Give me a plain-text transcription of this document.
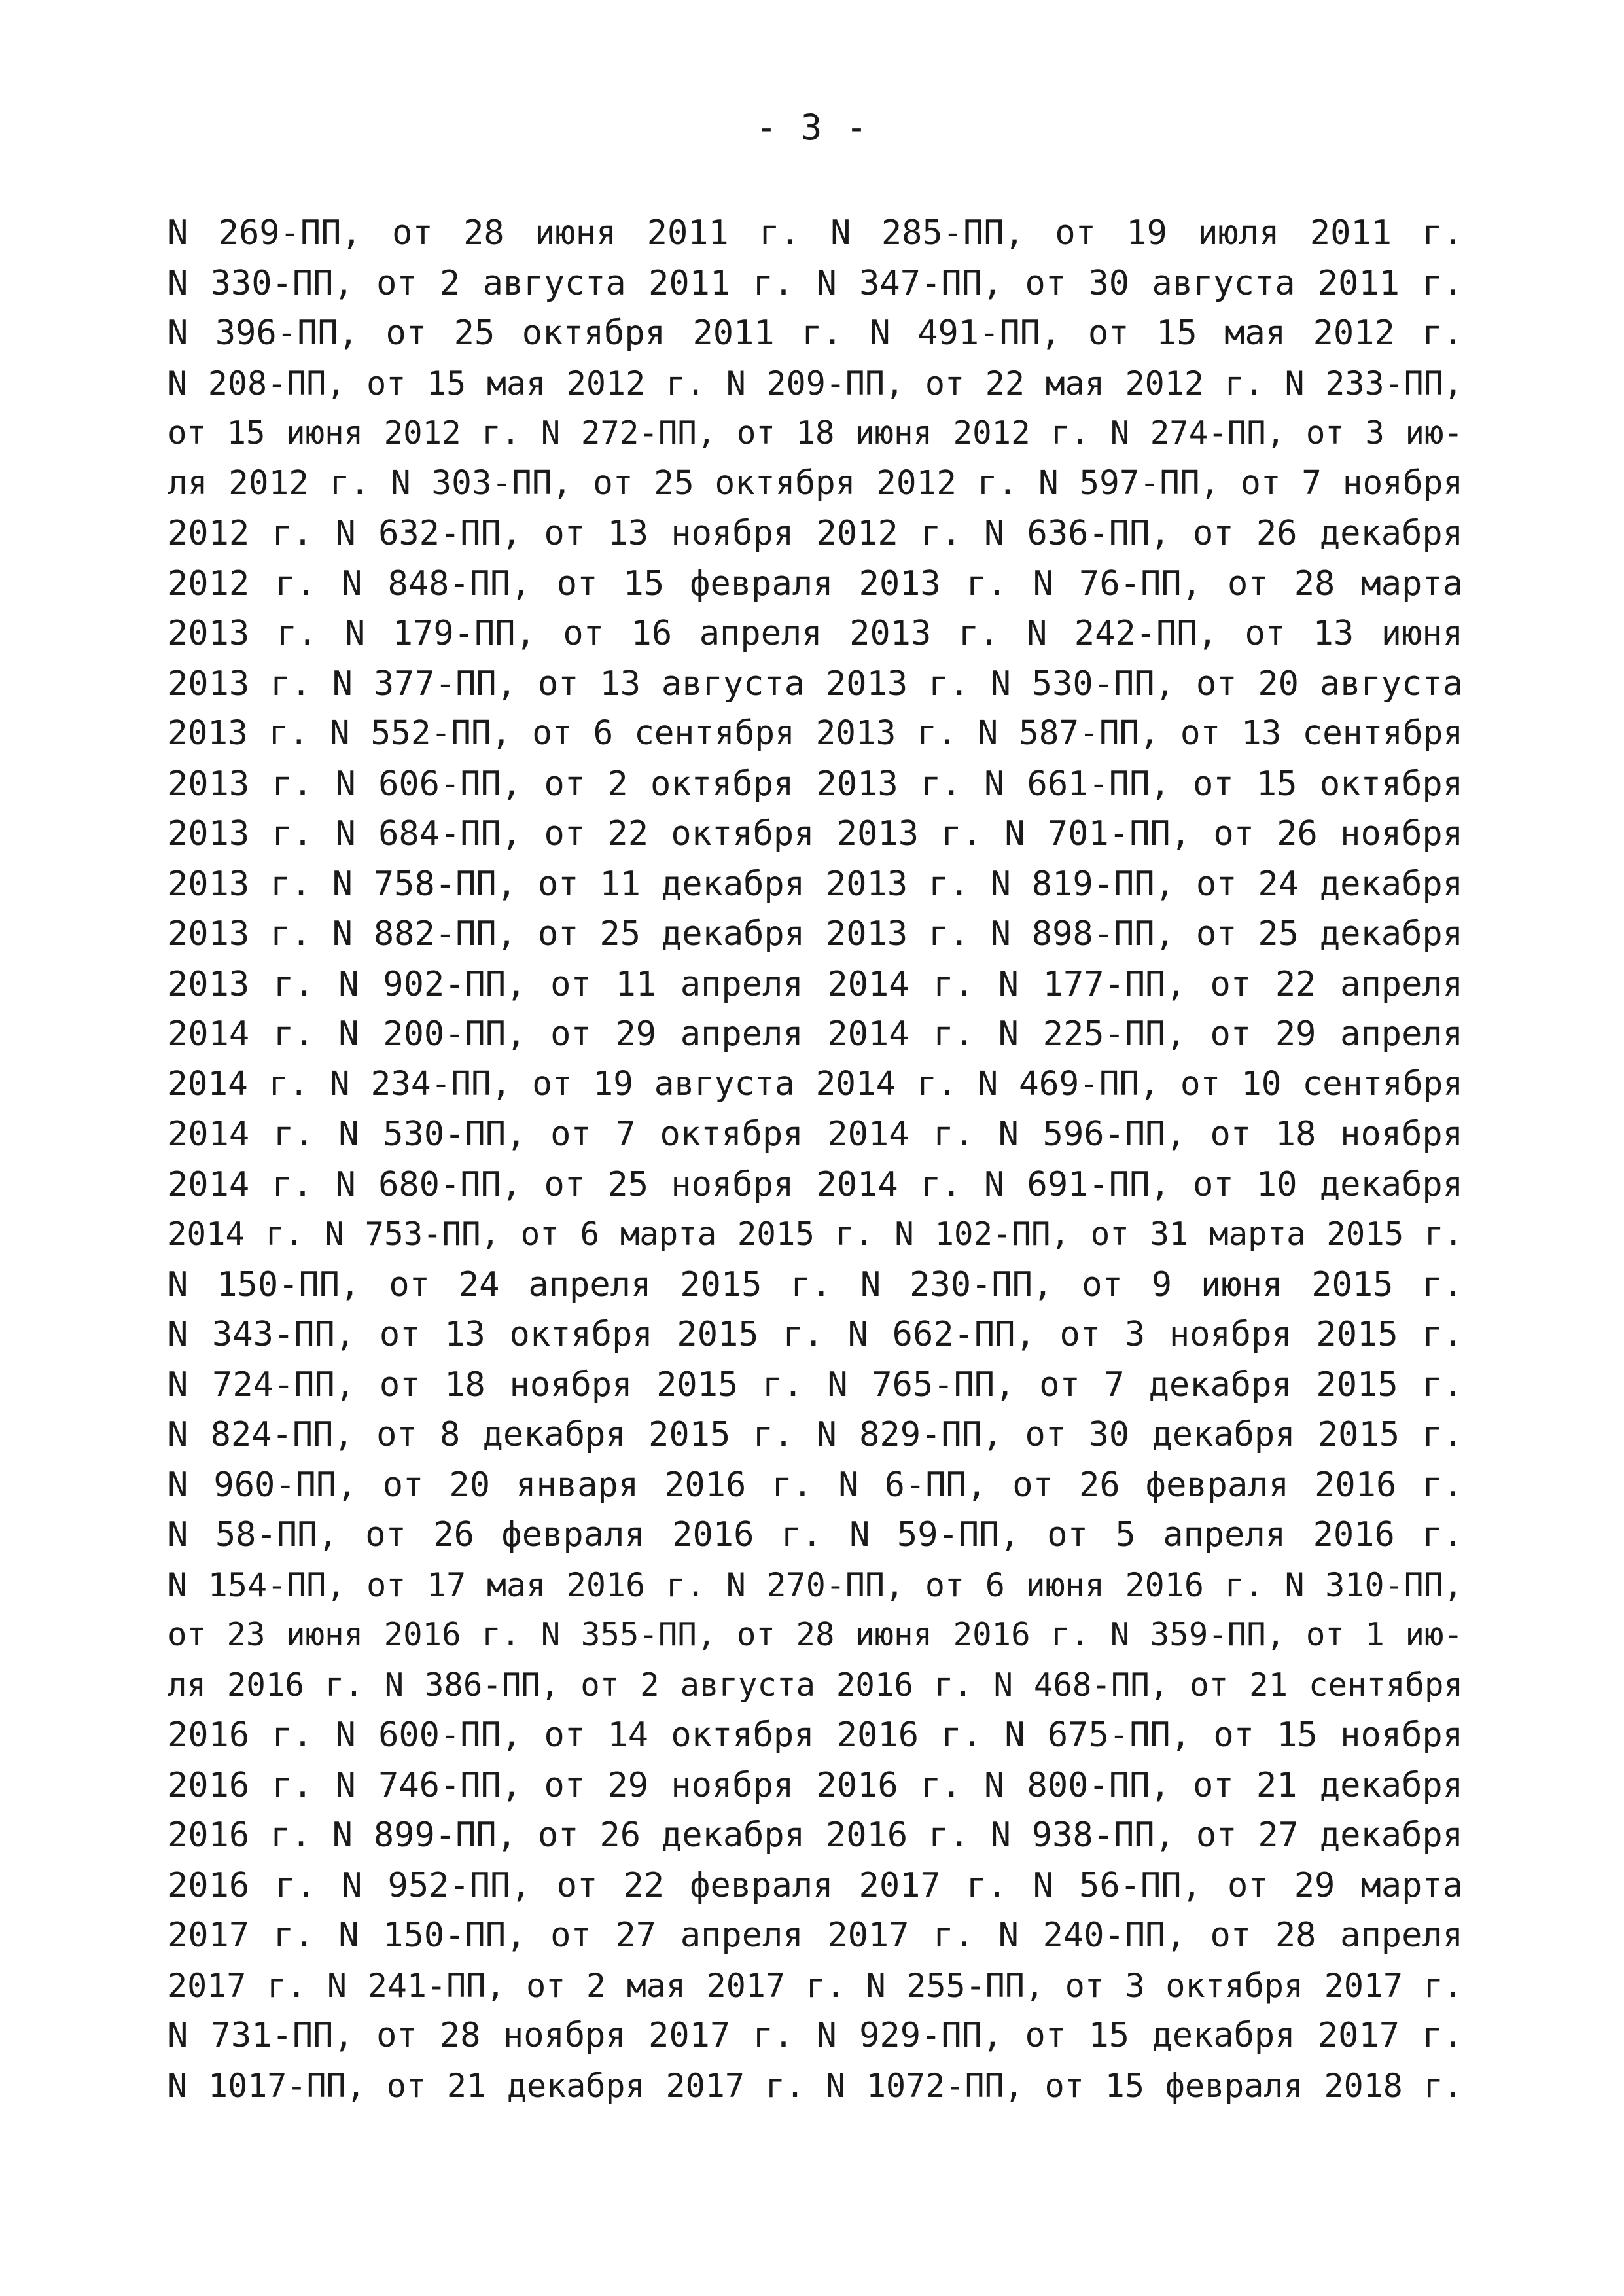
- 3 -
N 269-ПП, от 28 июня 2011 г. N 285-ПП, от 19 июля 2011 г.
N 330-ПП, от 2 августа 2011 г. N 347-ПП, от 30 августа 2011 г.
N 396-ПП, от 25 октября 2011 г. N 491-ПП, от 15 мая 2012 г.
N 208-ПП, от 15 мая 2012 г. N 209-ПП, от 22 мая 2012 г. N 233-ПП,
от 15 июня 2012 г. N 272-ПП, от 18 июня 2012 г. N 274-ПП, от 3 ию-
ля 2012 г. N 303-ПП, от 25 октября 2012 г. N 597-ПП, от 7 ноября
2012 г. N 632-ПП, от 13 ноября 2012 г. N 636-ПП, от 26 декабря
2012 г. N 848-ПП, от 15 февраля 2013 г. N 76-ПП, от 28 марта
2013 г. N 179-ПП, от 16 апреля 2013 г. N 242-ПП, от 13 июня
2013 г. N 377-ПП, от 13 августа 2013 г. N 530-ПП, от 20 августа
2013 г. N 552-ПП, от 6 сентября 2013 г. N 587-ПП, от 13 сентября
2013 г. N 606-ПП, от 2 октября 2013 г. N 661-ПП, от 15 октября
2013 г. N 684-ПП, от 22 октября 2013 г. N 701-ПП, от 26 ноября
2013 г. N 758-ПП, от 11 декабря 2013 г. N 819-ПП, от 24 декабря
2013 г. N 882-ПП, от 25 декабря 2013 г. N 898-ПП, от 25 декабря
2013 г. N 902-ПП, от 11 апреля 2014 г. N 177-ПП, от 22 апреля
2014 г. N 200-ПП, от 29 апреля 2014 г. N 225-ПП, от 29 апреля
2014 г. N 234-ПП, от 19 августа 2014 г. N 469-ПП, от 10 сентября
2014 г. N 530-ПП, от 7 октября 2014 г. N 596-ПП, от 18 ноября
2014 г. N 680-ПП, от 25 ноября 2014 г. N 691-ПП, от 10 декабря
2014 г. N 753-ПП, от 6 марта 2015 г. N 102-ПП, от 31 марта 2015 г.
N 150-ПП, от 24 апреля 2015 г. N 230-ПП, от 9 июня 2015 г.
N 343-ПП, от 13 октября 2015 г. N 662-ПП, от 3 ноября 2015 г.
N 724-ПП, от 18 ноября 2015 г. N 765-ПП, от 7 декабря 2015 г.
N 824-ПП, от 8 декабря 2015 г. N 829-ПП, от 30 декабря 2015 г.
N 960-ПП, от 20 января 2016 г. N 6-ПП, от 26 февраля 2016 г.
N 58-ПП, от 26 февраля 2016 г. N 59-ПП, от 5 апреля 2016 г.
N 154-ПП, от 17 мая 2016 г. N 270-ПП, от 6 июня 2016 г. N 310-ПП,
от 23 июня 2016 г. N 355-ПП, от 28 июня 2016 г. N 359-ПП, от 1 ию-
ля 2016 г. N 386-ПП, от 2 августа 2016 г. N 468-ПП, от 21 сентября
2016 г. N 600-ПП, от 14 октября 2016 г. N 675-ПП, от 15 ноября
2016 г. N 746-ПП, от 29 ноября 2016 г. N 800-ПП, от 21 декабря
2016 г. N 899-ПП, от 26 декабря 2016 г. N 938-ПП, от 27 декабря
2016 г. N 952-ПП, от 22 февраля 2017 г. N 56-ПП, от 29 марта
2017 г. N 150-ПП, от 27 апреля 2017 г. N 240-ПП, от 28 апреля
2017 г. N 241-ПП, от 2 мая 2017 г. N 255-ПП, от 3 октября 2017 г.
N 731-ПП, от 28 ноября 2017 г. N 929-ПП, от 15 декабря 2017 г.
N 1017-ПП, от 21 декабря 2017 г. N 1072-ПП, от 15 февраля 2018 г.
